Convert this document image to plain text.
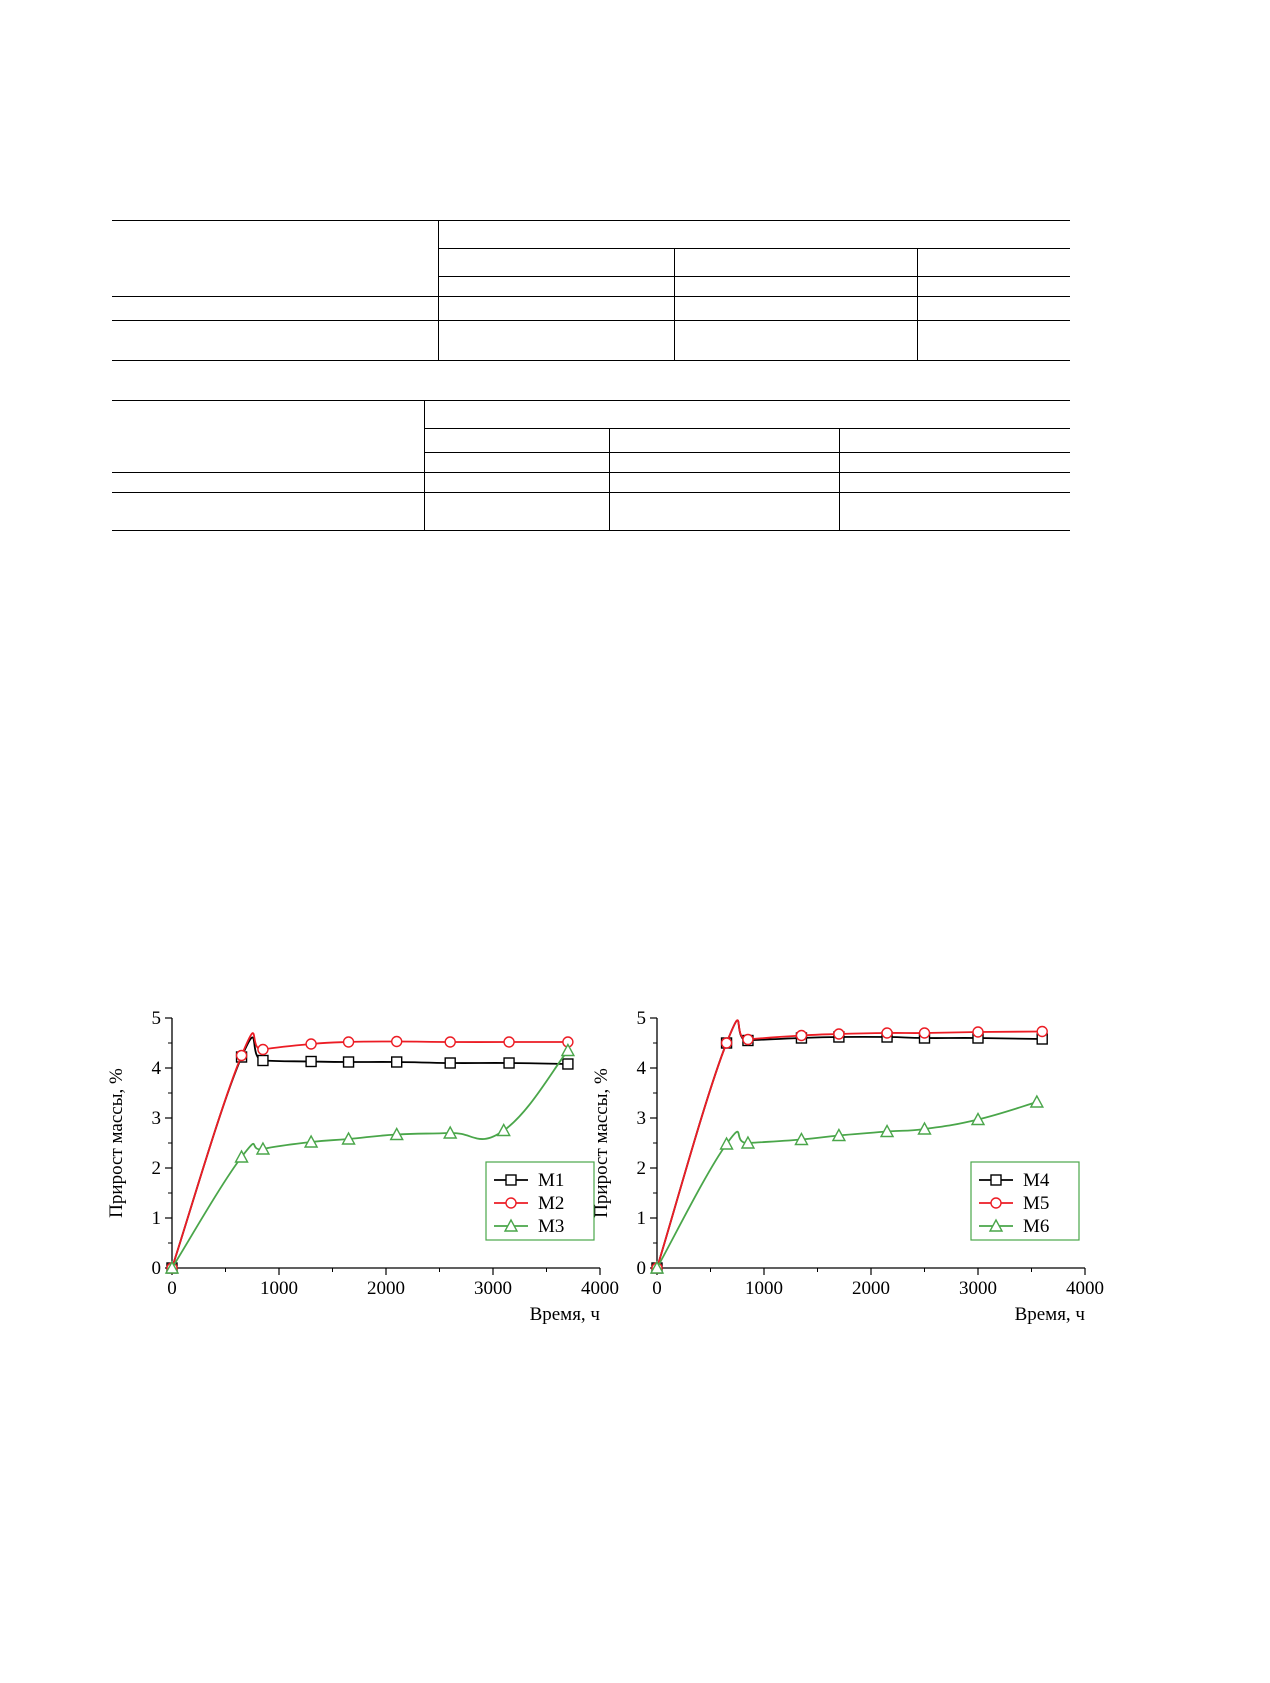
0
1
2
3
4
5
0	1000	2000	3000	4000
Прирост массы, %
Время, ч
M1
M2
M3
0
1
2
3
4
5
0	1000	2000	3000	4000
Прирост массы, %
Время, ч
M4
M5
M6
